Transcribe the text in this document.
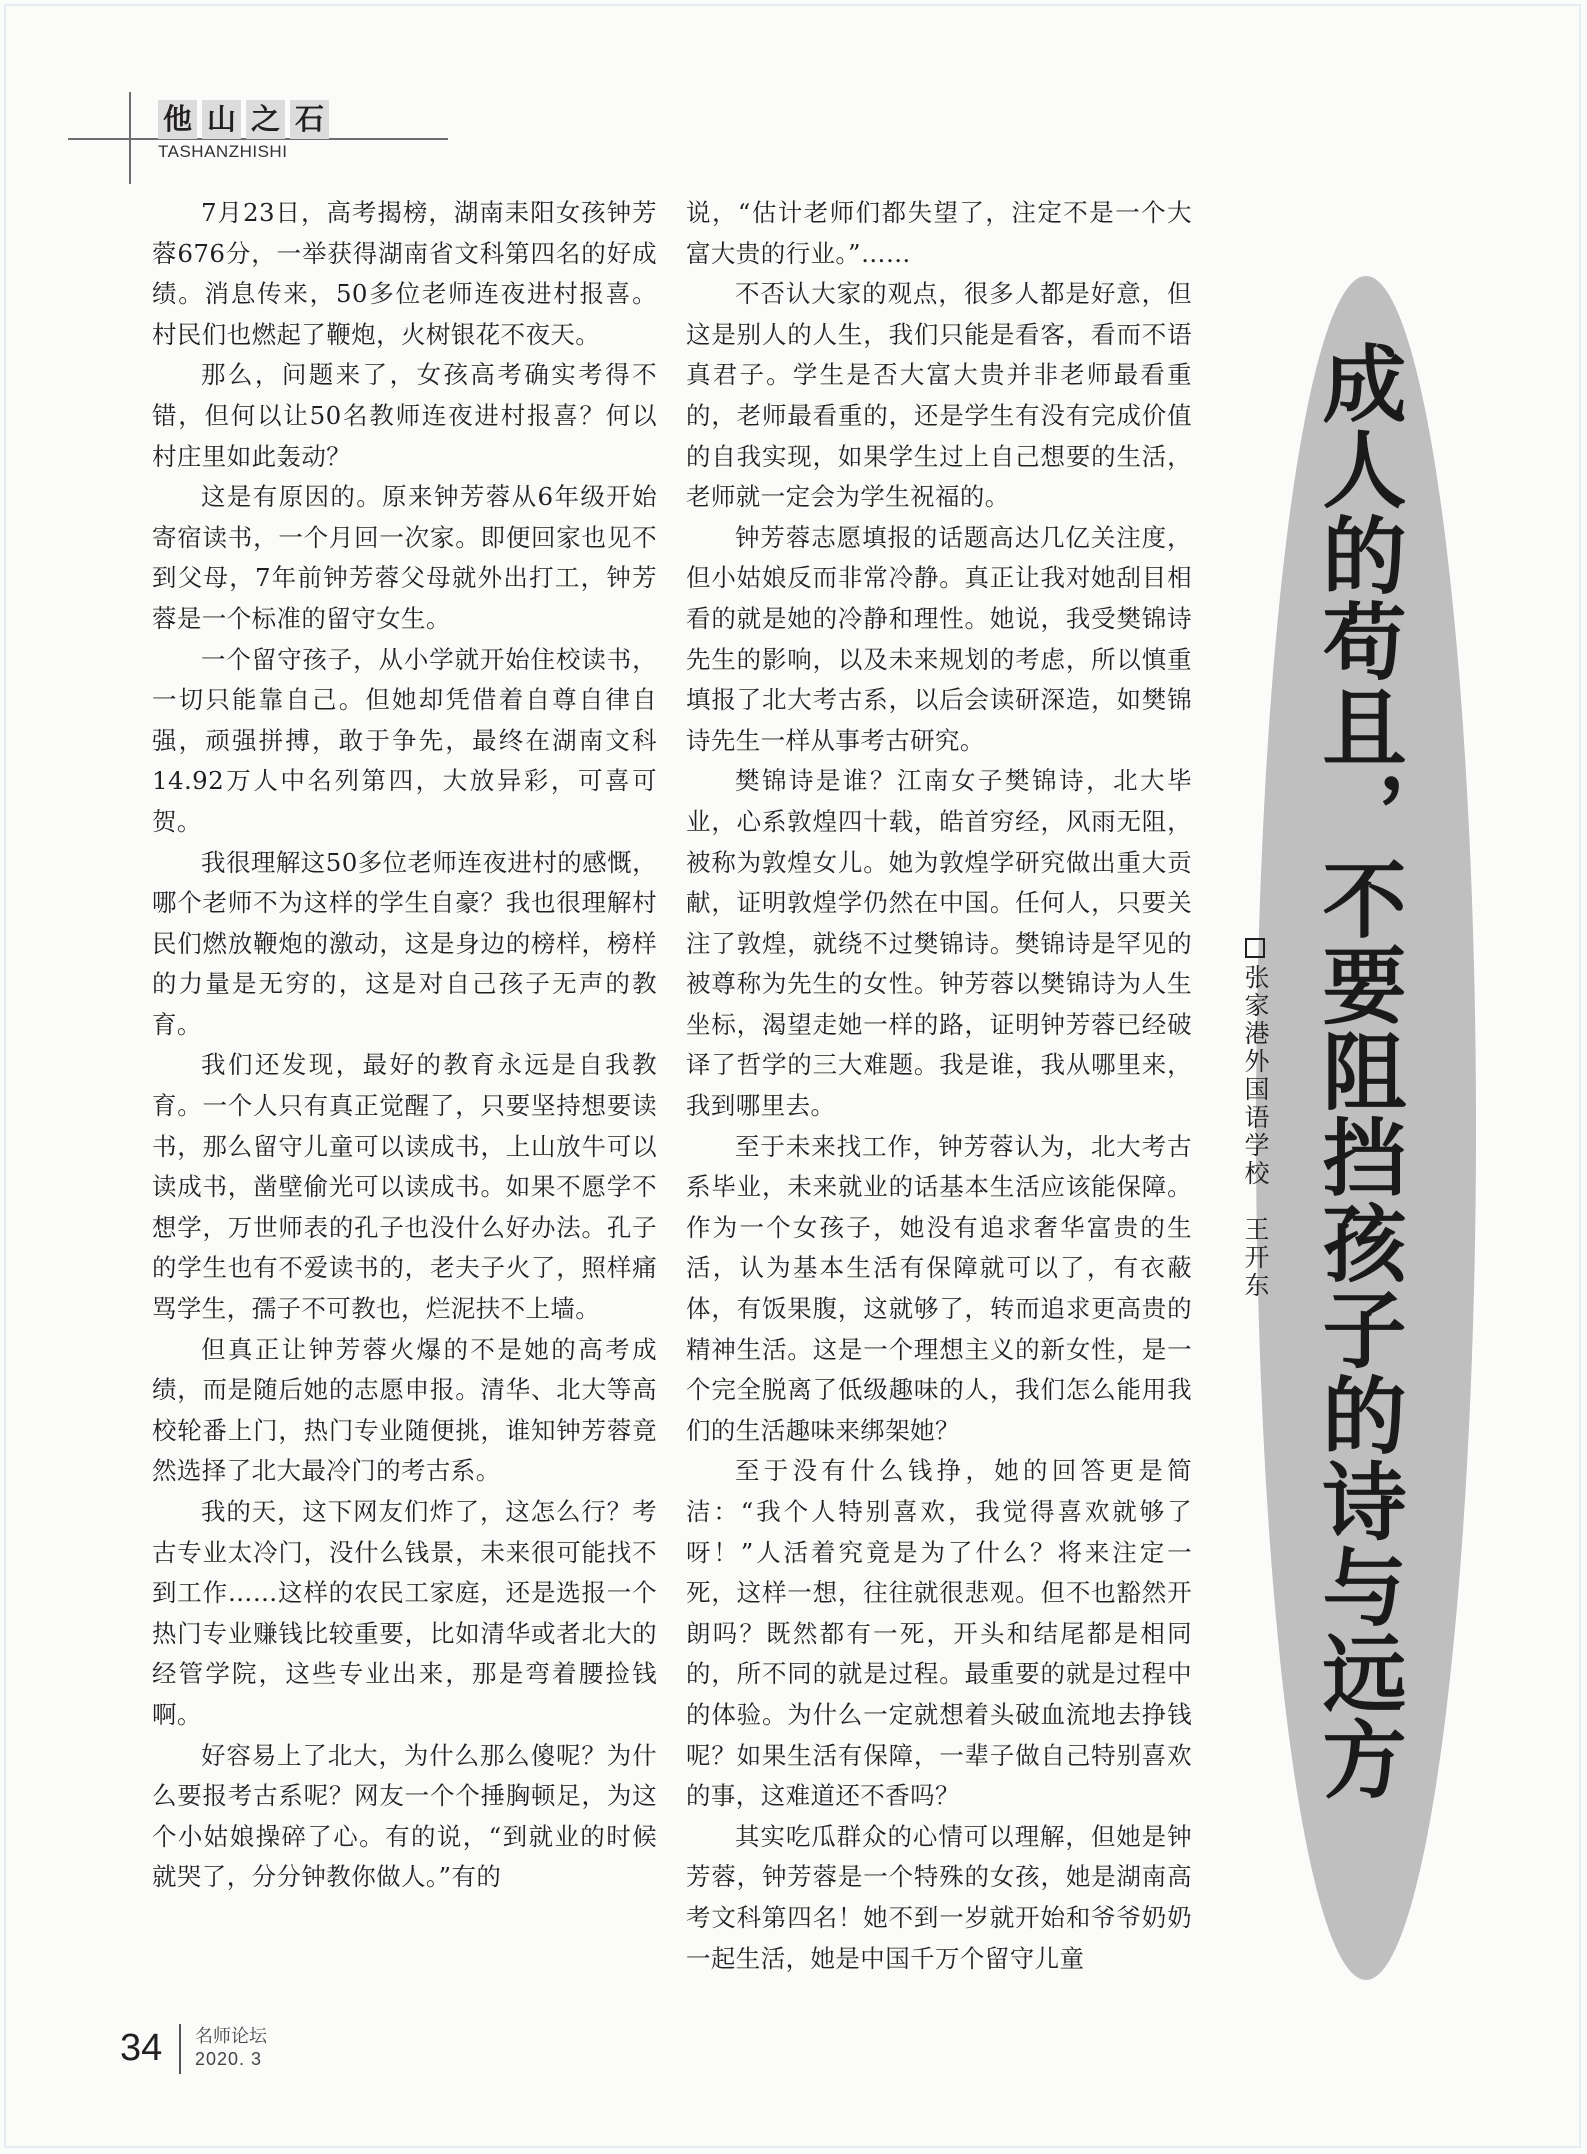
他 山 之 石
TASHANZHISHI

7月23日，高考揭榜，湖南耒阳女孩钟芳蓉676分，一举获得湖南省文科第四名的好成绩。消息传来，50多位老师连夜进村报喜。村民们也燃起了鞭炮，火树银花不夜天。

那么，问题来了，女孩高考确实考得不错，但何以让50名教师连夜进村报喜？何以村庄里如此轰动？

这是有原因的。原来钟芳蓉从6年级开始寄宿读书，一个月回一次家。即便回家也见不到父母，7年前钟芳蓉父母就外出打工，钟芳蓉是一个标准的留守女生。

一个留守孩子，从小学就开始住校读书，一切只能靠自己。但她却凭借着自尊自律自强，顽强拼搏，敢于争先，最终在湖南文科14.92万人中名列第四，大放异彩，可喜可贺。

我很理解这50多位老师连夜进村的感慨，哪个老师不为这样的学生自豪？我也很理解村民们燃放鞭炮的激动，这是身边的榜样，榜样的力量是无穷的，这是对自己孩子无声的教育。

我们还发现，最好的教育永远是自我教育。一个人只有真正觉醒了，只要坚持想要读书，那么留守儿童可以读成书，上山放牛可以读成书，凿壁偷光可以读成书。如果不愿学不想学，万世师表的孔子也没什么好办法。孔子的学生也有不爱读书的，老夫子火了，照样痛骂学生，孺子不可教也，烂泥扶不上墙。

但真正让钟芳蓉火爆的不是她的高考成绩，而是随后她的志愿申报。清华、北大等高校轮番上门，热门专业随便挑，谁知钟芳蓉竟然选择了北大最冷门的考古系。

我的天，这下网友们炸了，这怎么行？考古专业太冷门，没什么钱景，未来很可能找不到工作……这样的农民工家庭，还是选报一个热门专业赚钱比较重要，比如清华或者北大的经管学院，这些专业出来，那是弯着腰捡钱啊。

好容易上了北大，为什么那么傻呢？为什么要报考古系呢？网友一个个捶胸顿足，为这个小姑娘操碎了心。有的说，“到就业的时候就哭了，分分钟教你做人。”有的

说，“估计老师们都失望了，注定不是一个大富大贵的行业。”……

不否认大家的观点，很多人都是好意，但这是别人的人生，我们只能是看客，看而不语真君子。学生是否大富大贵并非老师最看重的，老师最看重的，还是学生有没有完成价值的自我实现，如果学生过上自己想要的生活，老师就一定会为学生祝福的。

钟芳蓉志愿填报的话题高达几亿关注度，但小姑娘反而非常冷静。真正让我对她刮目相看的就是她的冷静和理性。她说，我受樊锦诗先生的影响，以及未来规划的考虑，所以慎重填报了北大考古系，以后会读研深造，如樊锦诗先生一样从事考古研究。

樊锦诗是谁？江南女子樊锦诗，北大毕业，心系敦煌四十载，皓首穷经，风雨无阻，被称为敦煌女儿。她为敦煌学研究做出重大贡献，证明敦煌学仍然在中国。任何人，只要关注了敦煌，就绕不过樊锦诗。樊锦诗是罕见的被尊称为先生的女性。钟芳蓉以樊锦诗为人生坐标，渴望走她一样的路，证明钟芳蓉已经破译了哲学的三大难题。我是谁，我从哪里来，我到哪里去。

至于未来找工作，钟芳蓉认为，北大考古系毕业，未来就业的话基本生活应该能保障。作为一个女孩子，她没有追求奢华富贵的生活，认为基本生活有保障就可以了，有衣蔽体，有饭果腹，这就够了，转而追求更高贵的精神生活。这是一个理想主义的新女性，是一个完全脱离了低级趣味的人，我们怎么能用我们的生活趣味来绑架她？

至于没有什么钱挣，她的回答更是简洁：“我个人特别喜欢，我觉得喜欢就够了呀！”人活着究竟是为了什么？将来注定一死，这样一想，往往就很悲观。但不也豁然开朗吗？既然都有一死，开头和结尾都是相同的，所不同的就是过程。最重要的就是过程中的体验。为什么一定就想着头破血流地去挣钱呢？如果生活有保障，一辈子做自己特别喜欢的事，这难道还不香吗？

其实吃瓜群众的心情可以理解，但她是钟芳蓉，钟芳蓉是一个特殊的女孩，她是湖南高考文科第四名！她不到一岁就开始和爷爷奶奶一起生活，她是中国千万个留守儿童

成人的苟且，不要阻挡孩子的诗与远方
张家港外国语学校　王开东
34 名师论坛
2020. 3
